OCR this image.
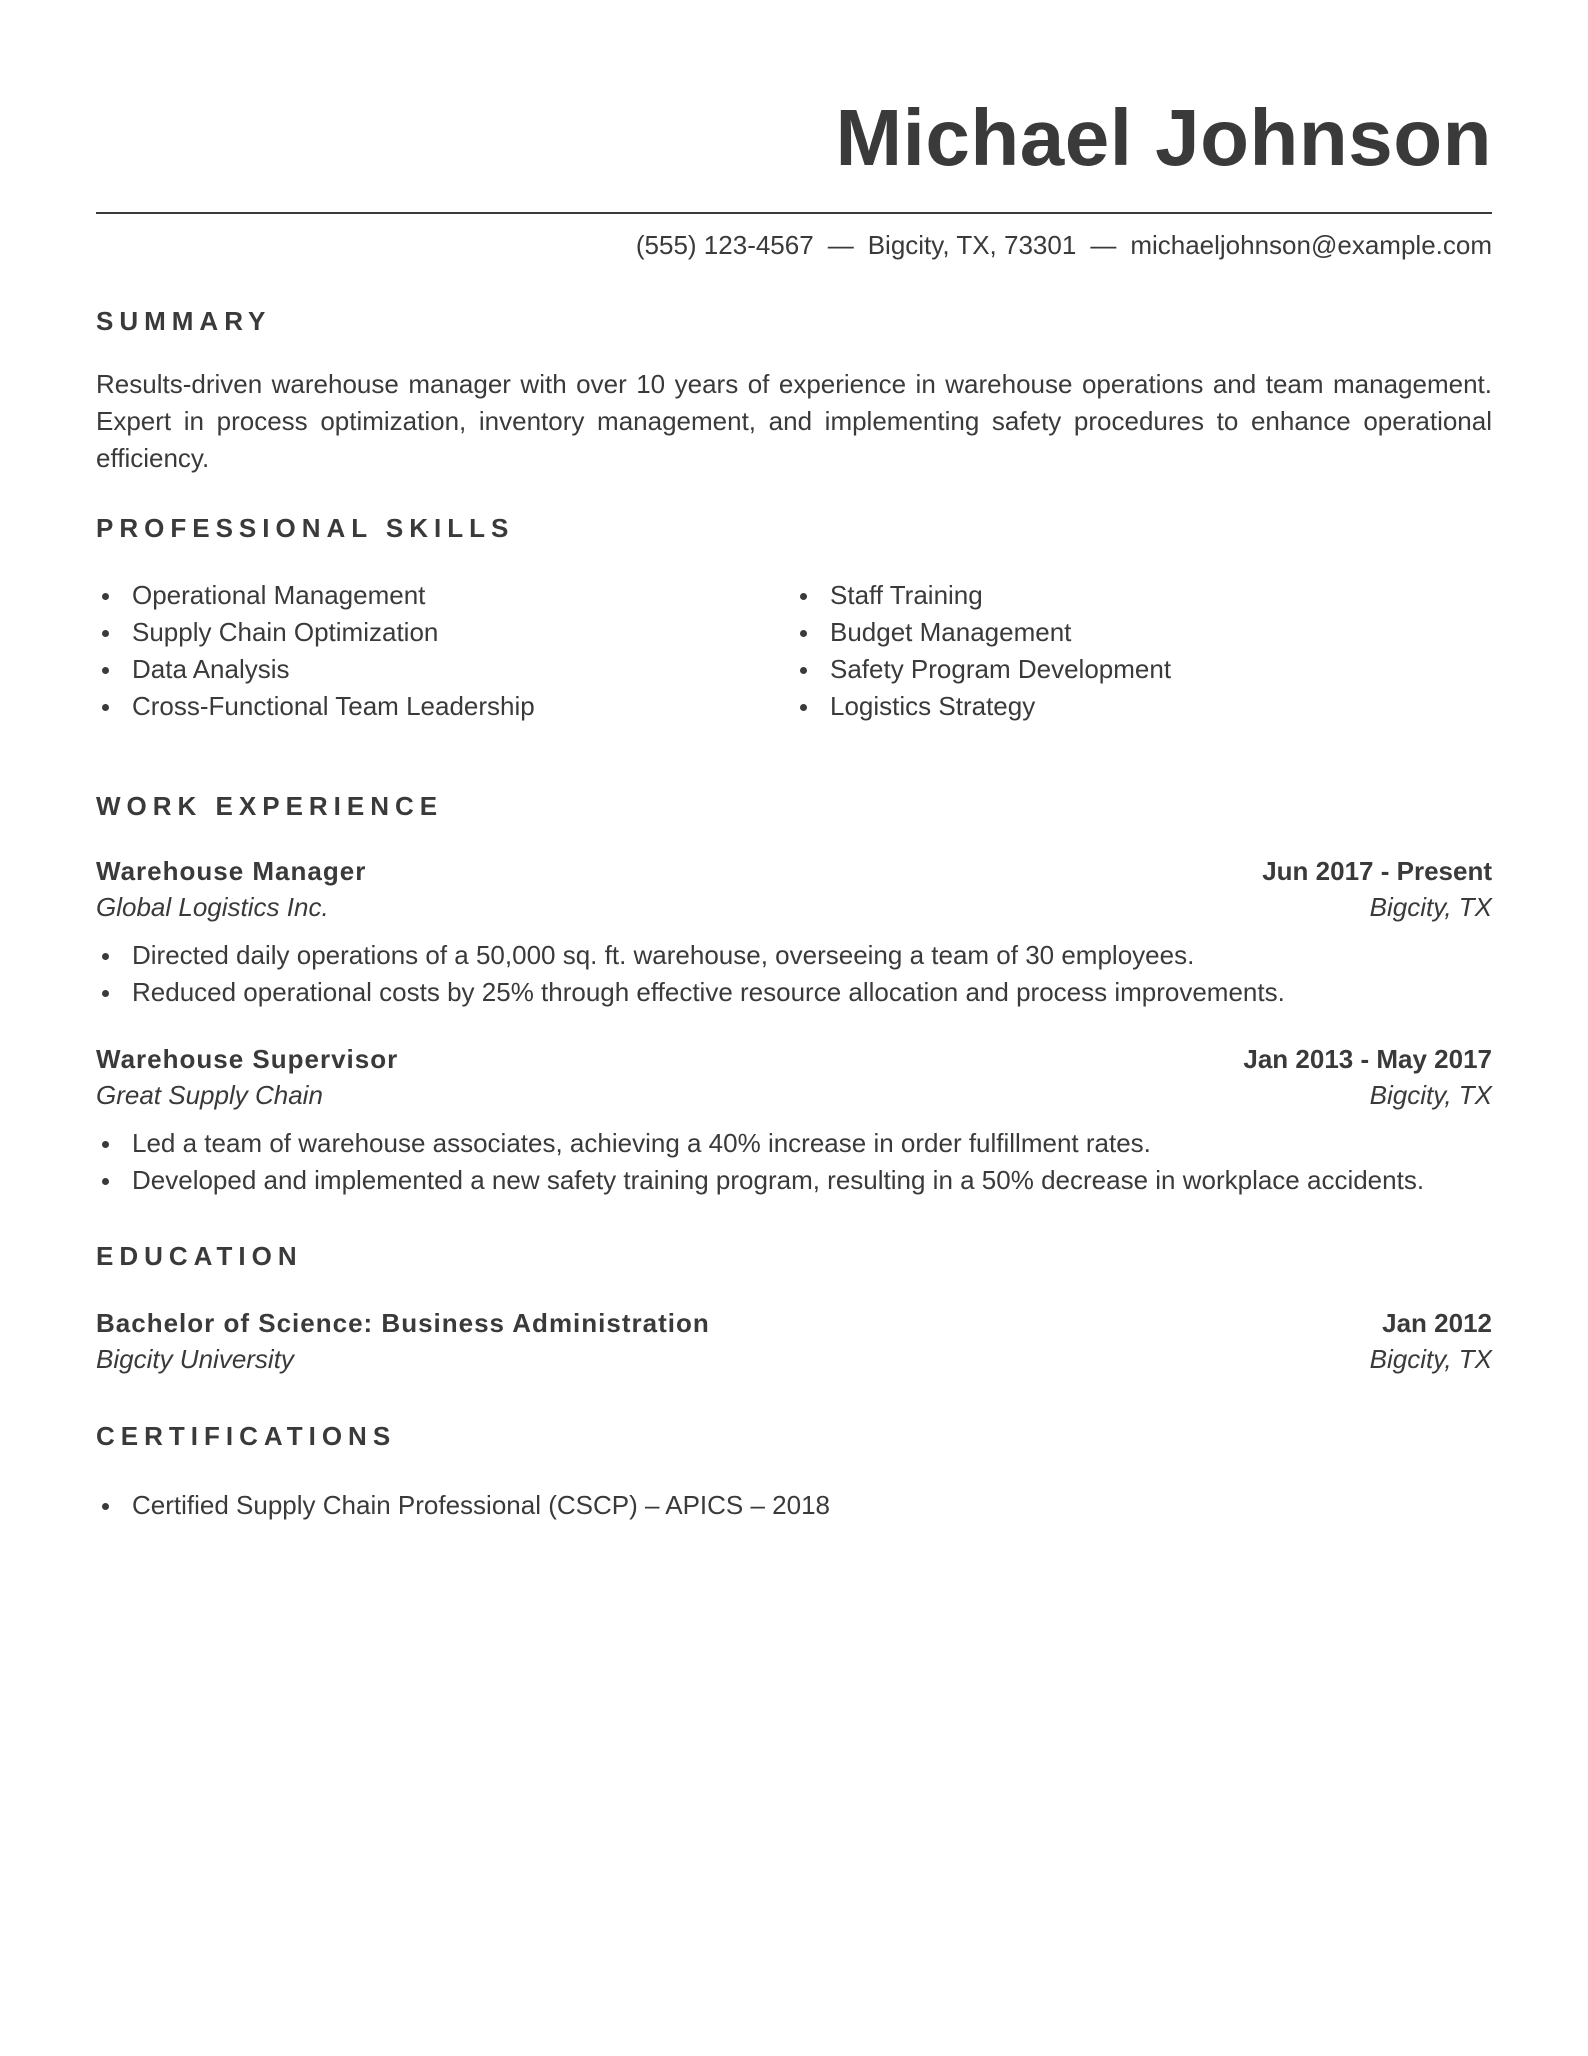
Michael Johnson
(555) 123-4567 — Bigcity, TX, 73301 — michaeljohnson@example.com
SUMMARY
Results-driven warehouse manager with over 10 years of experience in warehouse operations and team management. Expert in process optimization, inventory management, and implementing safety procedures to enhance operational efficiency.
PROFESSIONAL SKILLS
Operational Management
Supply Chain Optimization
Data Analysis
Cross-Functional Team Leadership
Staff Training
Budget Management
Safety Program Development
Logistics Strategy
WORK EXPERIENCE
Warehouse Manager	Jun 2017 - Present
Global Logistics Inc.	Bigcity, TX
Directed daily operations of a 50,000 sq. ft. warehouse, overseeing a team of 30 employees.
Reduced operational costs by 25% through effective resource allocation and process improvements.
Warehouse Supervisor	Jan 2013 - May 2017
Great Supply Chain	Bigcity, TX
Led a team of warehouse associates, achieving a 40% increase in order fulfillment rates.
Developed and implemented a new safety training program, resulting in a 50% decrease in workplace accidents.
EDUCATION
Bachelor of Science: Business Administration	Jan 2012
Bigcity University	Bigcity, TX
CERTIFICATIONS
Certified Supply Chain Professional (CSCP) – APICS – 2018
